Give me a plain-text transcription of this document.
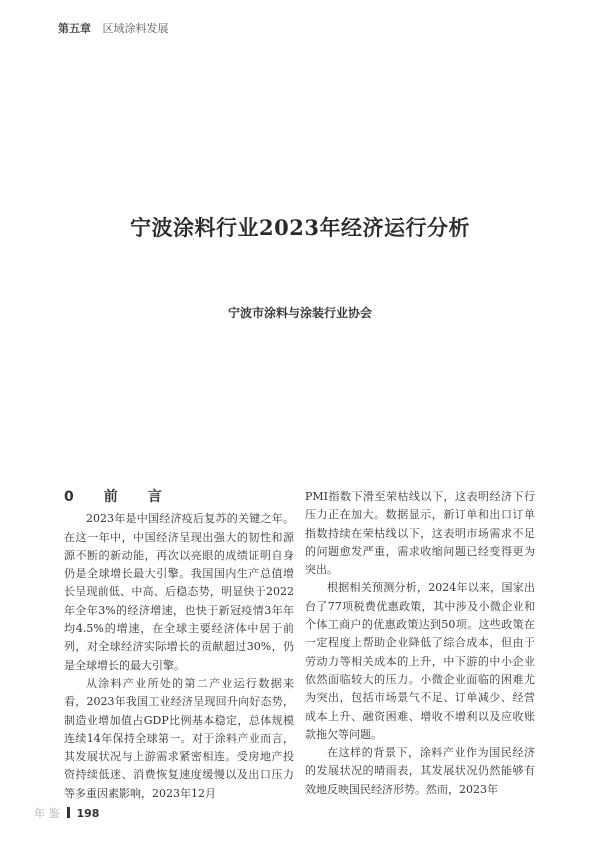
第五章 区域涂料发展
宁波涂料行业2023年经济运行分析
宁波市涂料与涂装行业协会
0　前　言

2023年是中国经济疫后复苏的关键之年。在这一年中，中国经济呈现出强大的韧性和源源不断的新动能，再次以亮眼的成绩证明自身仍是全球增长最大引擎。我国国内生产总值增长呈现前低、中高、后稳态势，明显快于2022年全年3%的经济增速，也快于新冠疫情3年年均4.5%的增速，在全球主要经济体中居于前列，对全球经济实际增长的贡献超过30%，仍是全球增长的最大引擎。

从涂料产业所处的第二产业运行数据来看，2023年我国工业经济呈现回升向好态势，制造业增加值占GDP比例基本稳定，总体规模连续14年保持全球第一。对于涂料产业而言，其发展状况与上游需求紧密相连。受房地产投资持续低迷、消费恢复速度缓慢以及出口压力等多重因素影响，2023年12月

PMI指数下滑至荣枯线以下，这表明经济下行压力正在加大。数据显示，新订单和出口订单指数持续在荣枯线以下，这表明市场需求不足的问题愈发严重，需求收缩问题已经变得更为突出。

根据相关预测分析，2024年以来，国家出台了77项税费优惠政策，其中涉及小微企业和个体工商户的优惠政策达到50项。这些政策在一定程度上帮助企业降低了综合成本，但由于劳动力等相关成本的上升，中下游的中小企业依然面临较大的压力。小微企业面临的困难尤为突出，包括市场景气不足、订单减少、经营成本上升、融资困难、增收不增利以及应收账款拖欠等问题。

在这样的背景下，涂料产业作为国民经济的发展状况的晴雨表，其发展状况仍然能够有效地反映国民经济形势。然而，2023年

年 鉴 198
